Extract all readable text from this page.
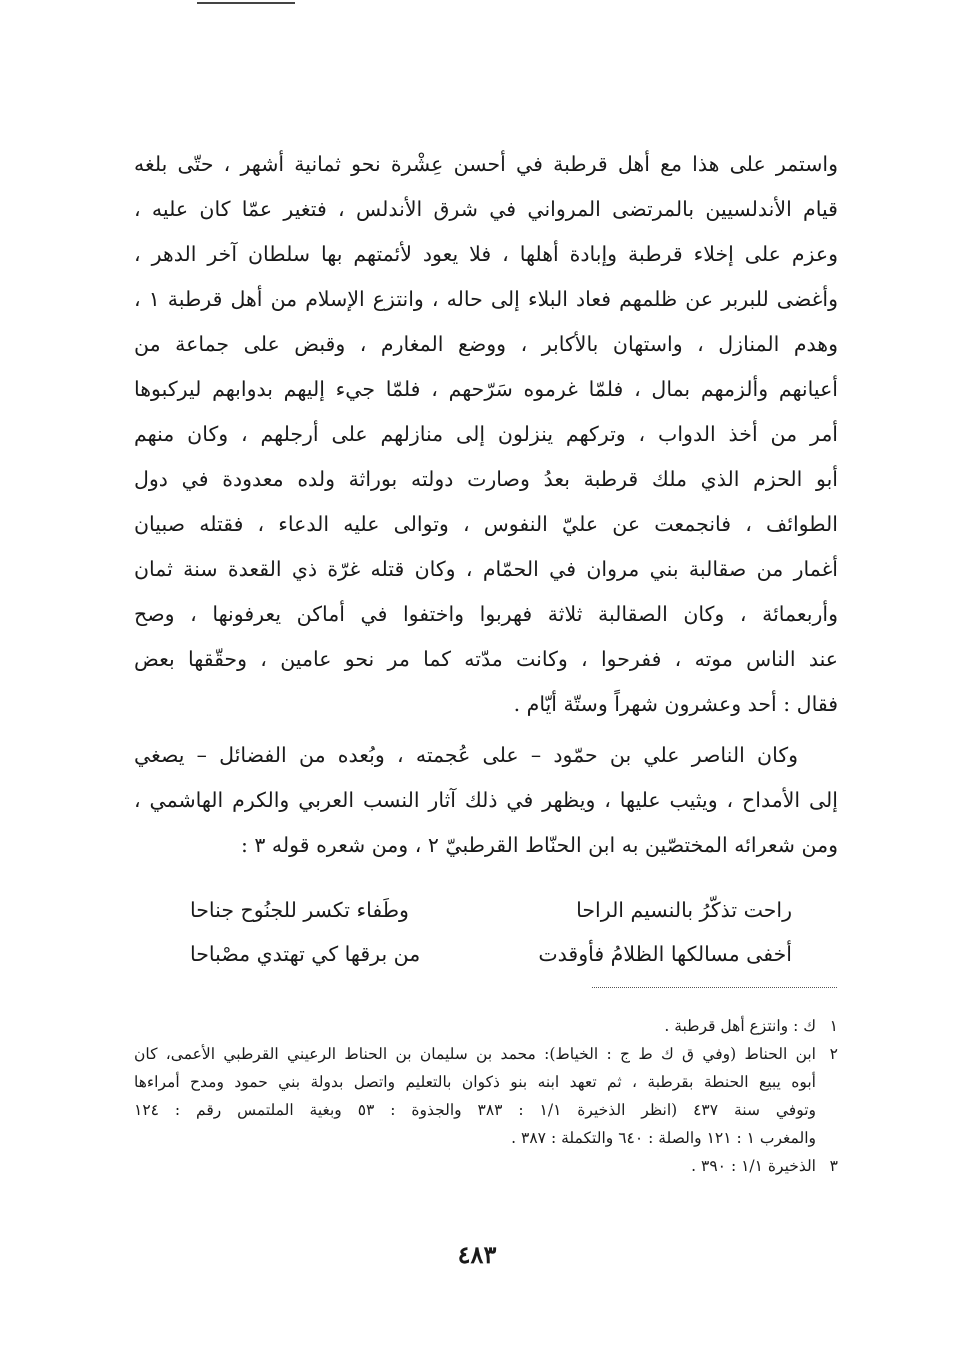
واستمر على هذا مع أهل قرطبة في أحسن عِشْرة نحو ثمانية أشهر ، حتّى بلغه
قيام الأندلسيين بالمرتضى المرواني في شرق الأندلس ، فتغير عمّا كان عليه ،
وعزم على إخلاء قرطبة وإبادة أهلها ، فلا يعود لأئمتهم بها سلطان آخر الدهر ،
وأغضى للبربر عن ظلمهم فعاد البلاء إلى حاله ، وانتزع الإسلام من أهل قرطبة ١ ،
وهدم المنازل ، واستهان بالأكابر ، ووضع المغارم ، وقبض على جماعة من
أعيانهم وألزمهم بمال ، فلمّا غرموه سَرّحهم ، فلمّا جيء إليهم بدوابهم ليركبوها
أمر من أخذ الدواب ، وتركهم ينزلون إلى منازلهم على أرجلهم ، وكان منهم
أبو الحزم الذي ملك قرطبة بعدُ وصارت دولته بوراثة ولده معدودة في دول
الطوائف ، فانجمعت عن عليّ النفوس ، وتوالى عليه الدعاء ، فقتله صبيان
أغمار من صقالبة بني مروان في الحمّام ، وكان قتله غرّة ذي القعدة سنة ثمان
وأربعمائة ، وكان الصقالبة ثلاثة فهربوا واختفوا في أماكن يعرفونها ، وصح
عند الناس موته ، ففرحوا ، وكانت مدّته كما مر نحو عامين ، وحقّقها بعض
فقال : أحد وعشرون شهراً وستّة أيّام .

وكان الناصر علي بن حمّود – على عُجمته ، وبُعده من الفضائل – يصغي
إلى الأمداح ، ويثيب عليها ، ويظهر في ذلك آثار النسب العربي والكرم الهاشمي ،
ومن شعرائه المختصّين به ابن الحنّاط القرطبيّ ٢ ، ومن شعره قوله ٣ :

راحت تذكّرُ بالنسيم الراحا
وطَفاء تكسر للجنُوح جناحا
أخفى مسالكها الظلامُ فأوقدت
من برقها كي تهتدي مصْباحا
١
ك : وانتزع أهل قرطبة .
٢
ابن الحناط (وفي ق ك ط ج : الخياط): محمد بن سليمان بن الحناط الرعيني القرطبي الأعمى، كان
أبوه يبيع الحنطة بقرطبة ، ثم تعهد ابنه بنو ذكوان بالتعليم واتصل بدولة بني حمود ومدح أمراءها
وتوفي سنة ٤٣٧ (انظر الذخيرة ١/١ : ٣٨٣ والجذوة : ٥٣ وبغية الملتمس رقم : ١٢٤
والمغرب ١ : ١٢١ والصلة : ٦٤٠ والتكملة : ٣٨٧ .
٣
الذخيرة ١/١ : ٣٩٠ .
٤٨٣
